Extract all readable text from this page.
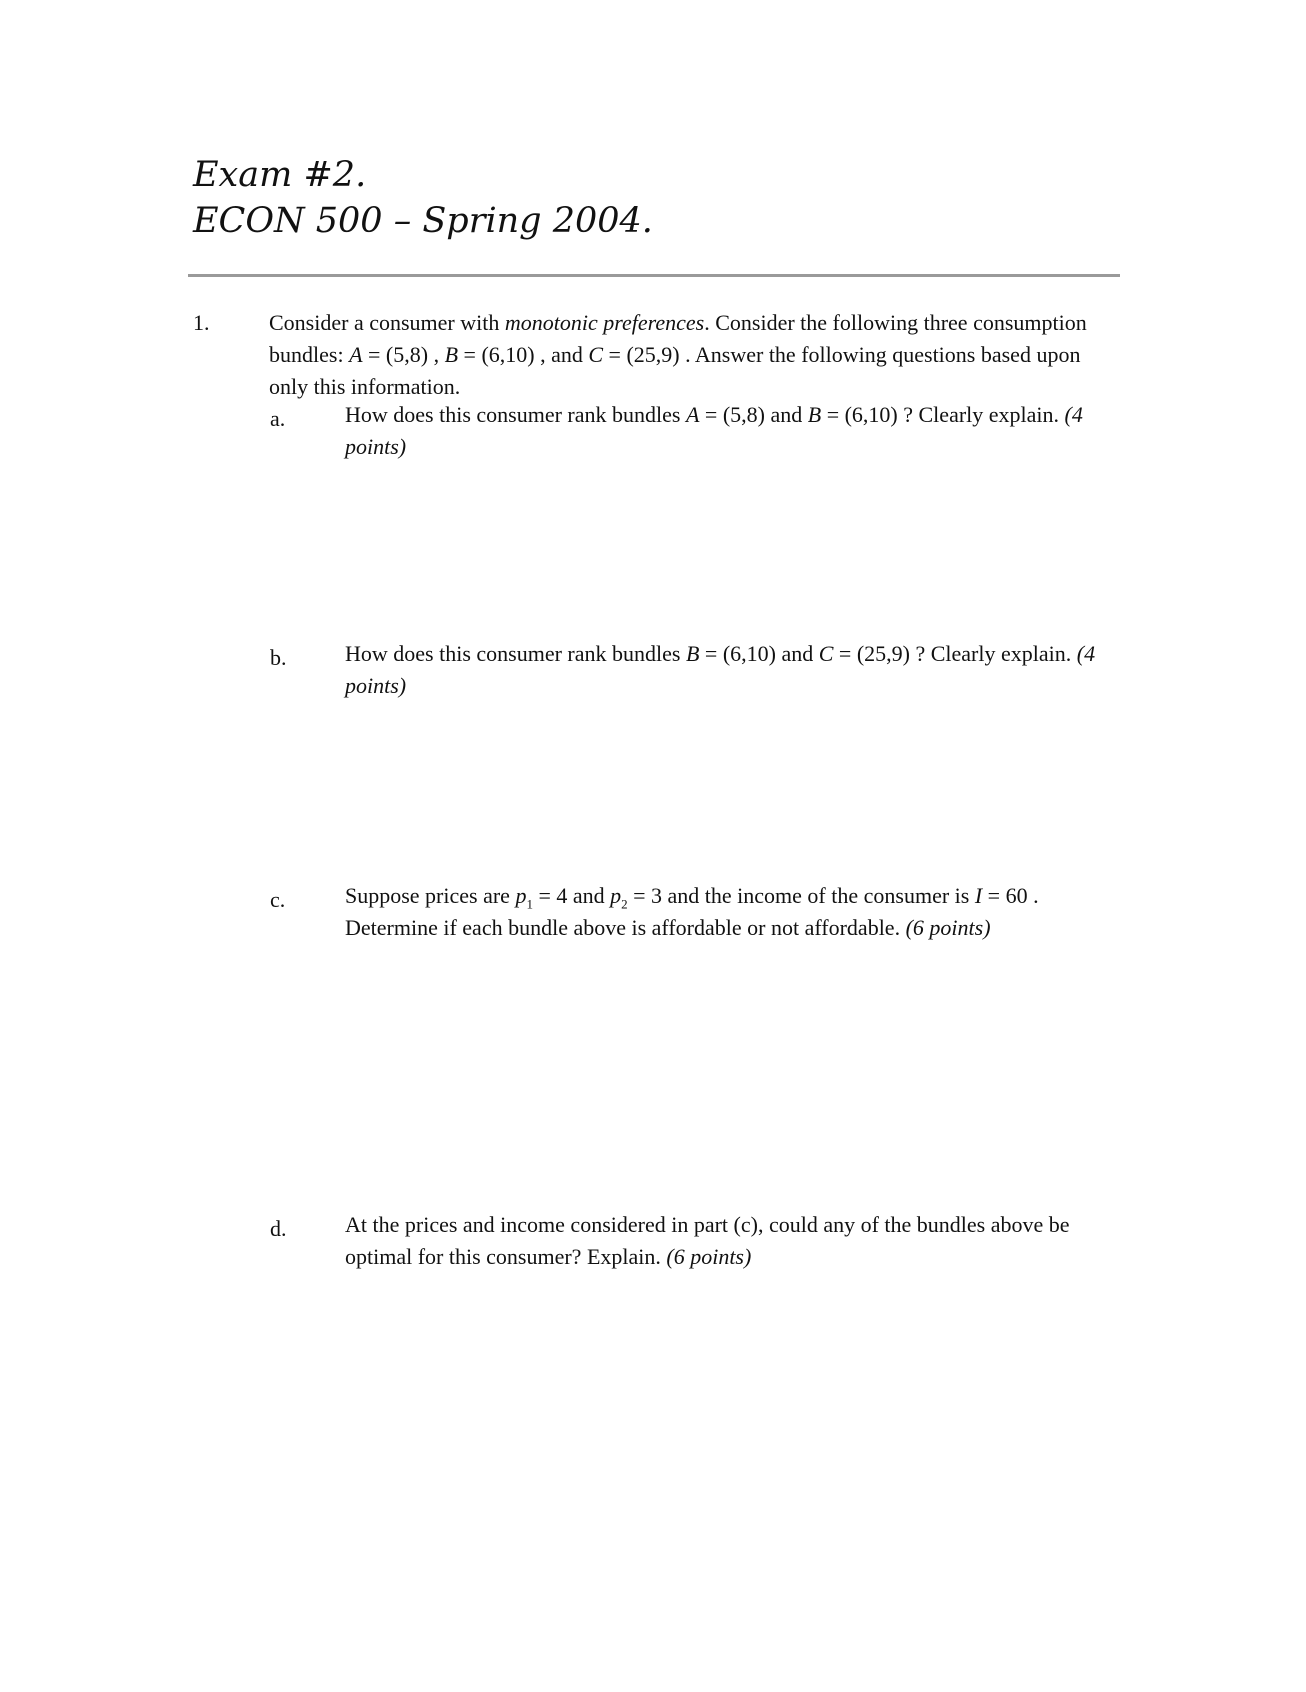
Exam #2.
ECON 500 – Spring 2004.
1.	Consider a consumer with monotonic preferences. Consider the following three consumption bundles: A = (5,8) , B = (6,10) , and C = (25,9) . Answer the following questions based upon only this information.
a.	How does this consumer rank bundles A = (5,8) and B = (6,10) ? Clearly explain. (4 points)
b.	How does this consumer rank bundles B = (6,10) and C = (25,9) ? Clearly explain. (4 points)
c.	Suppose prices are $p_1 = 4$ and $p_2 = 3$ and the income of the consumer is I = 60 . Determine if each bundle above is affordable or not affordable. (6 points)
d.	At the prices and income considered in part (c), could any of the bundles above be optimal for this consumer? Explain. (6 points)
